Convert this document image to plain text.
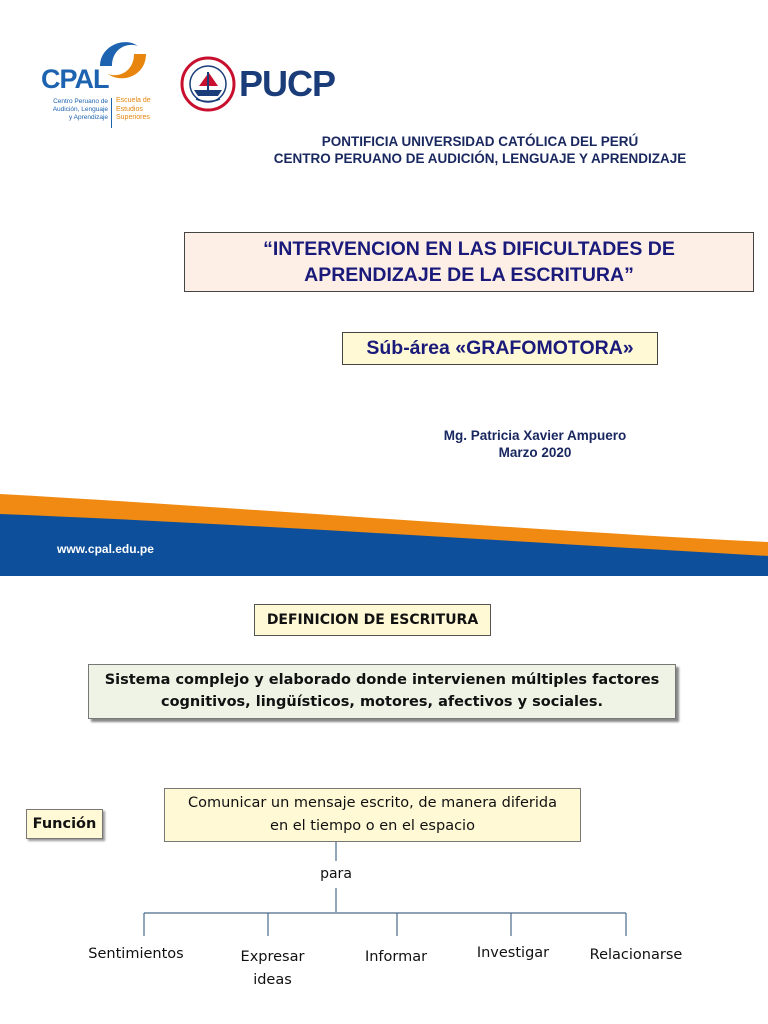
CPAL
Centro Peruano de
Audición, Lenguaje
y Aprendizaje
Escuela de
Estudios
Superiores
PUCP
PONTIFICIA UNIVERSIDAD CATÓLICA DEL PERÚ
CENTRO PERUANO DE AUDICIÓN, LENGUAJE Y APRENDIZAJE
“INTERVENCION EN LAS DIFICULTADES DE
APRENDIZAJE DE LA ESCRITURA”
Súb-área «GRAFOMOTORA»
Mg. Patricia Xavier Ampuero
Marzo 2020
www.cpal.edu.pe
DEFINICION DE ESCRITURA
Sistema complejo y elaborado donde intervienen múltiples factores
cognitivos, lingüísticos, motores, afectivos y sociales.
Función
Comunicar un mensaje escrito, de manera diferida
en el tiempo o en el espacio
para
Sentimientos	Expresar
ideas
Informar	Investigar	Relacionarse
